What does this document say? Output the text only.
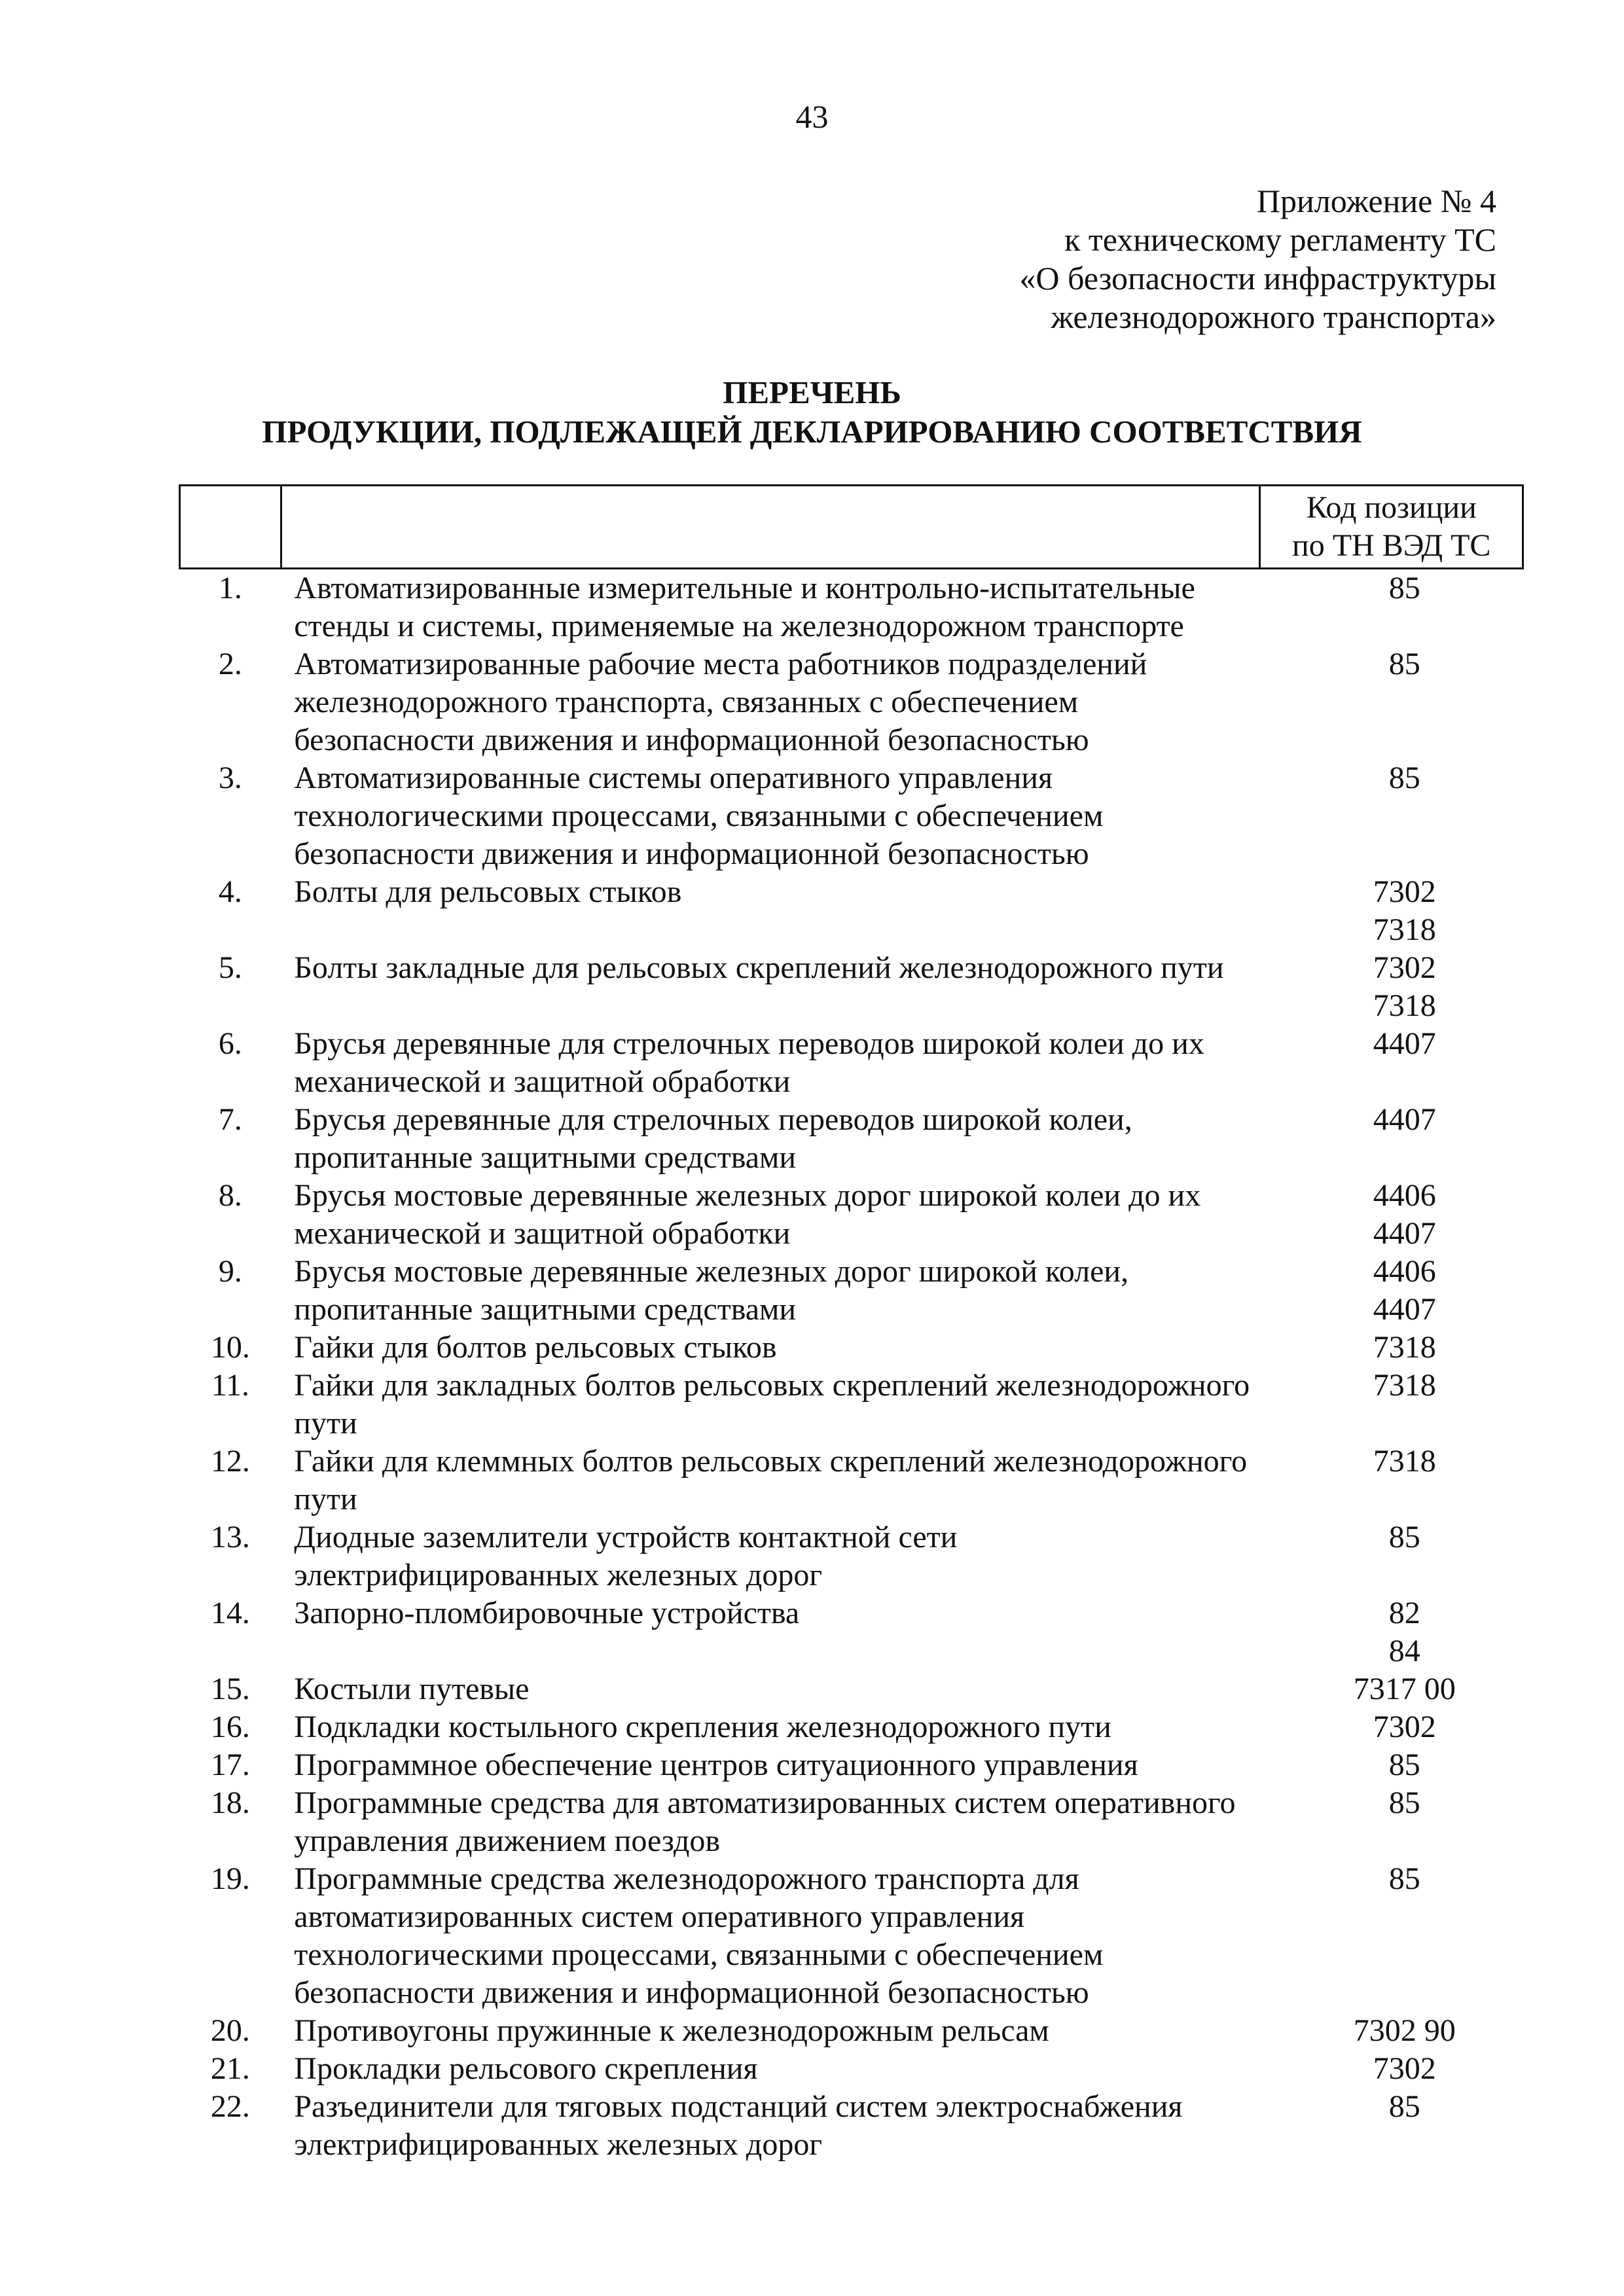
43
Приложение № 4
к техническому регламенту ТС
«О безопасности инфраструктуры
железнодорожного транспорта»
ПЕРЕЧЕНЬ
ПРОДУКЦИИ, ПОДЛЕЖАЩЕЙ ДЕКЛАРИРОВАНИЮ СООТВЕТСТВИЯ

		Код позиции
по ТН ВЭД ТС

1.	Автоматизированные измерительные и контрольно-испытательные стенды и системы, применяемые на железнодорожном транспорте	85

2.	Автоматизированные рабочие места работников подразделений железнодорожного транспорта, связанных с обеспечением безопасности движения и информационной безопасностью	85

3.	Автоматизированные системы оперативного управления технологическими процессами, связанными с обеспечением безопасности движения и информационной безопасностью	85

4.	Болты для рельсовых стыков	7302
7318

5.	Болты закладные для рельсовых скреплений железнодорожного пути	7302
7318

6.	Брусья деревянные для стрелочных переводов широкой колеи до их механической и защитной обработки	4407

7.	Брусья деревянные для стрелочных переводов широкой колеи, пропитанные защитными средствами	4407

8.	Брусья мостовые деревянные железных дорог широкой колеи до их механической и защитной обработки	4406
4407

9.	Брусья мостовые деревянные железных дорог широкой колеи, пропитанные защитными средствами	4406
4407

10.	Гайки для болтов рельсовых стыков	7318

11.	Гайки для закладных болтов рельсовых скреплений железнодорожного пути	7318

12.	Гайки для клеммных болтов рельсовых скреплений железнодорожного пути	7318

13.	Диодные заземлители устройств контактной сети электрифицированных железных дорог	85

14.	Запорно-пломбировочные устройства	82
84

15.	Костыли путевые	7317 00

16.	Подкладки костыльного скрепления железнодорожного пути	7302

17.	Программное обеспечение центров ситуационного управления	85

18.	Программные средства для автоматизированных систем оперативного управления движением поездов	85

19.	Программные средства железнодорожного транспорта для автоматизированных систем оперативного управления технологическими процессами, связанными с обеспечением безопасности движения и информационной безопасностью	85

20.	Противоугоны пружинные к железнодорожным рельсам	7302 90

21.	Прокладки рельсового скрепления	7302

22.	Разъединители для тяговых подстанций систем электроснабжения электрифицированных железных дорог	85
